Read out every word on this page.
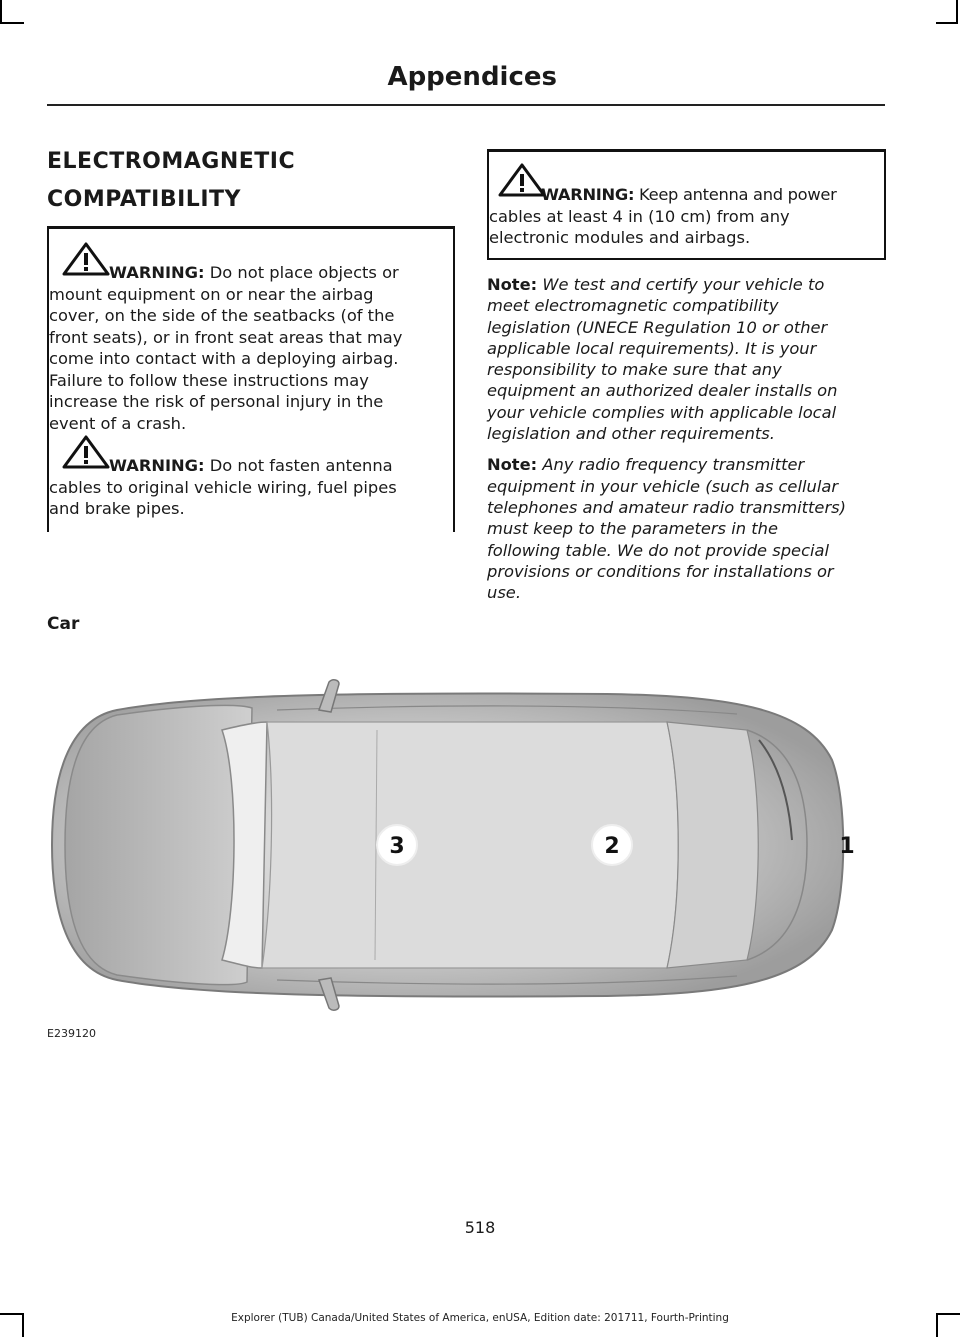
Appendices
ELECTROMAGNETIC
COMPATIBILITY
WARNING: Do not place objects or
mount equipment on or near the airbag
cover, on the side of the seatbacks (of the
front seats), or in front seat areas that may
come into contact with a deploying airbag.
Failure to follow these instructions may
increase the risk of personal injury in the
event of a crash.
WARNING: Do not fasten antenna
cables to original vehicle wiring, fuel pipes
and brake pipes.
WARNING: Keep antenna and power
cables at least 4 in (10 cm) from any
electronic modules and airbags.
Note: We test and certify your vehicle to
meet electromagnetic compatibility
legislation (UNECE Regulation 10 or other
applicable local requirements). It is your
responsibility to make sure that any
equipment an authorized dealer installs on
your vehicle complies with applicable local
legislation and other requirements.
Note: Any radio frequency transmitter
equipment in your vehicle (such as cellular
telephones and amateur radio transmitters)
must keep to the parameters in the
following table. We do not provide special
provisions or conditions for installations or
use.
Car
3	2	1
E239120
518
Explorer (TUB) Canada/United States of America, enUSA, Edition date: 201711, Fourth-Printing
